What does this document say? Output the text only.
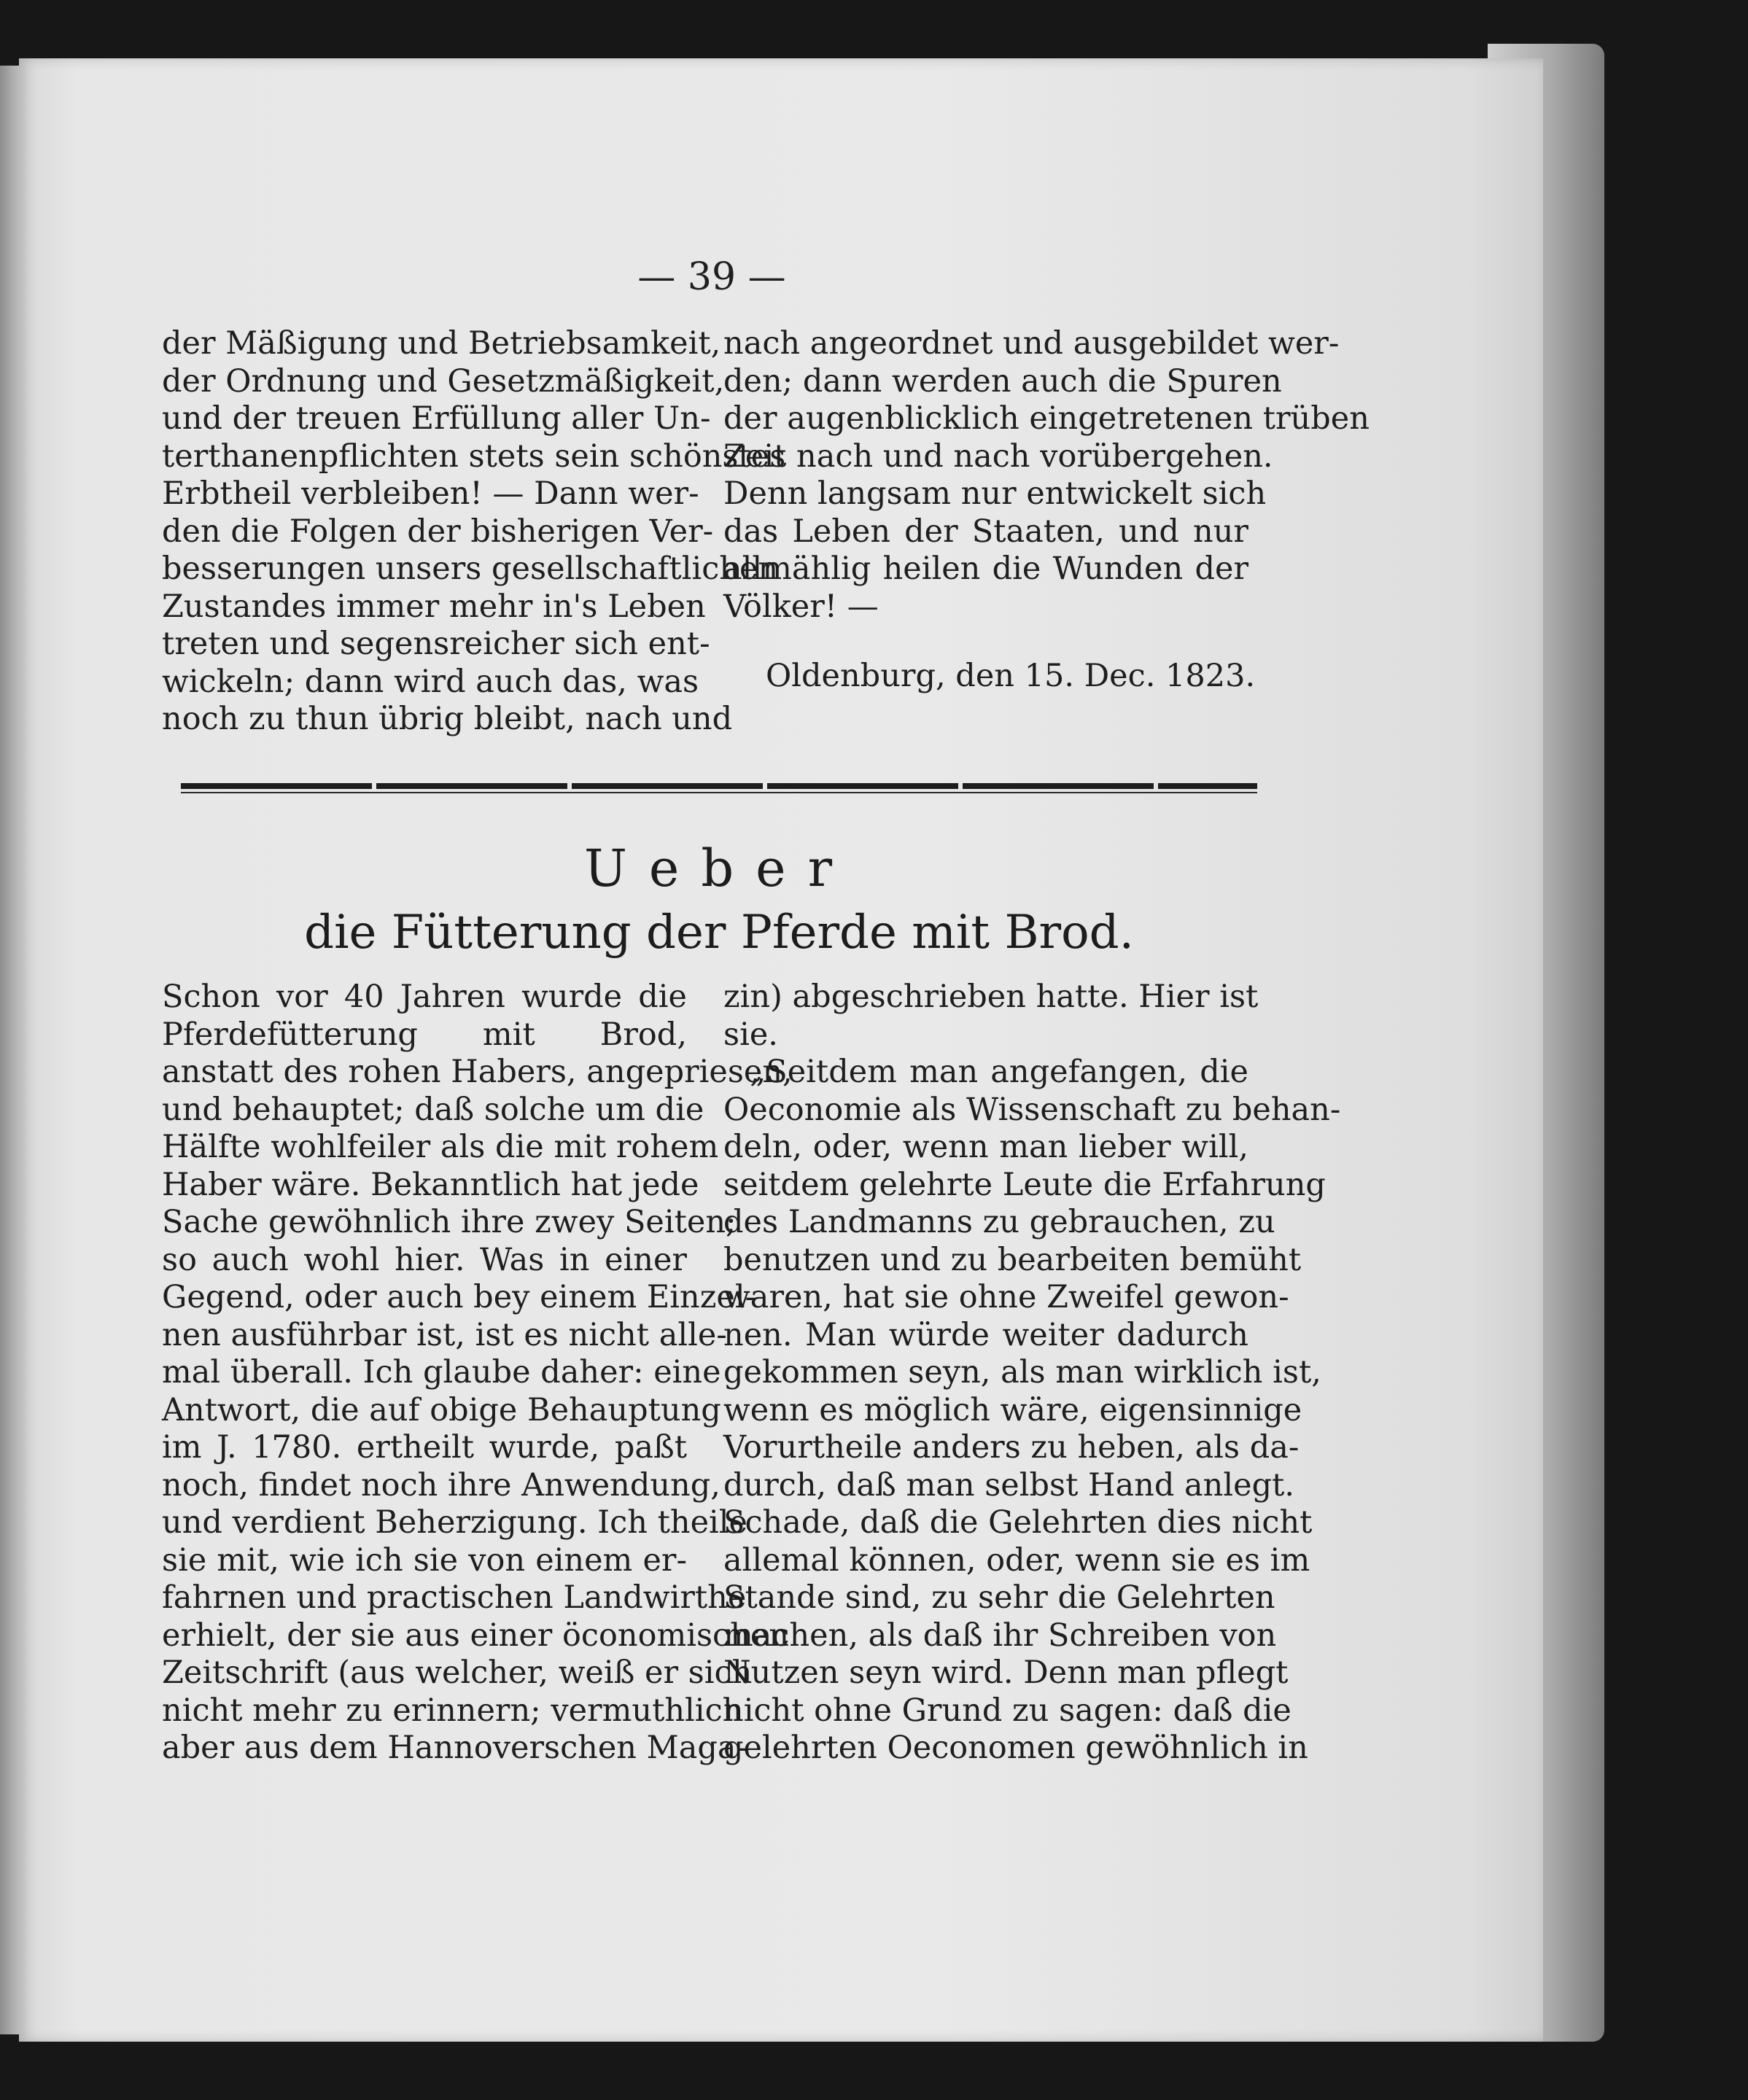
— 39 —
der Mäßigung und Betriebsamkeit,
der Ordnung und Gesetzmäßigkeit,
und der treuen Erfüllung aller Un-
terthanenpflichten stets sein schönstes
Erbtheil verbleiben! — Dann wer-
den die Folgen der bisherigen Ver-
besserungen unsers gesellschaftlichen
Zustandes immer mehr in's Leben
treten und segensreicher sich ent-
wickeln; dann wird auch das, was
noch zu thun übrig bleibt, nach und
nach angeordnet und ausgebildet wer-
den; dann werden auch die Spuren
der augenblicklich eingetretenen trüben
Zeit nach und nach vorübergehen.
Denn langsam nur entwickelt sich
das Leben der Staaten, und nur
allmählig heilen die Wunden der
Völker! —
Oldenburg, den 15. Dec. 1823.
Ueber
die Fütterung der Pferde mit Brod.
Schon vor 40 Jahren wurde die
Pferdefütterung mit Brod,
anstatt des rohen Habers, angepriesen,
und behauptet; daß solche um die
Hälfte wohlfeiler als die mit rohem
Haber wäre. Bekanntlich hat jede
Sache gewöhnlich ihre zwey Seiten;
so auch wohl hier. Was in einer
Gegend, oder auch bey einem Einzel-
nen ausführbar ist, ist es nicht alle-
mal überall. Ich glaube daher: eine
Antwort, die auf obige Behauptung
im J. 1780. ertheilt wurde, paßt
noch, findet noch ihre Anwendung,
und verdient Beherzigung. Ich theile
sie mit, wie ich sie von einem er-
fahrnen und practischen Landwirthe
erhielt, der sie aus einer öconomischen
Zeitschrift (aus welcher, weiß er sich
nicht mehr zu erinnern; vermuthlich
aber aus dem Hannoverschen Maga-
zin) abgeschrieben hatte. Hier ist
sie.
„Seitdem man angefangen, die
Oeconomie als Wissenschaft zu behan-
deln, oder, wenn man lieber will,
seitdem gelehrte Leute die Erfahrung
des Landmanns zu gebrauchen, zu
benutzen und zu bearbeiten bemüht
waren, hat sie ohne Zweifel gewon-
nen. Man würde weiter dadurch
gekommen seyn, als man wirklich ist,
wenn es möglich wäre, eigensinnige
Vorurtheile anders zu heben, als da-
durch, daß man selbst Hand anlegt.
Schade, daß die Gelehrten dies nicht
allemal können, oder, wenn sie es im
Stande sind, zu sehr die Gelehrten
machen, als daß ihr Schreiben von
Nutzen seyn wird. Denn man pflegt
nicht ohne Grund zu sagen: daß die
gelehrten Oeconomen gewöhnlich in
